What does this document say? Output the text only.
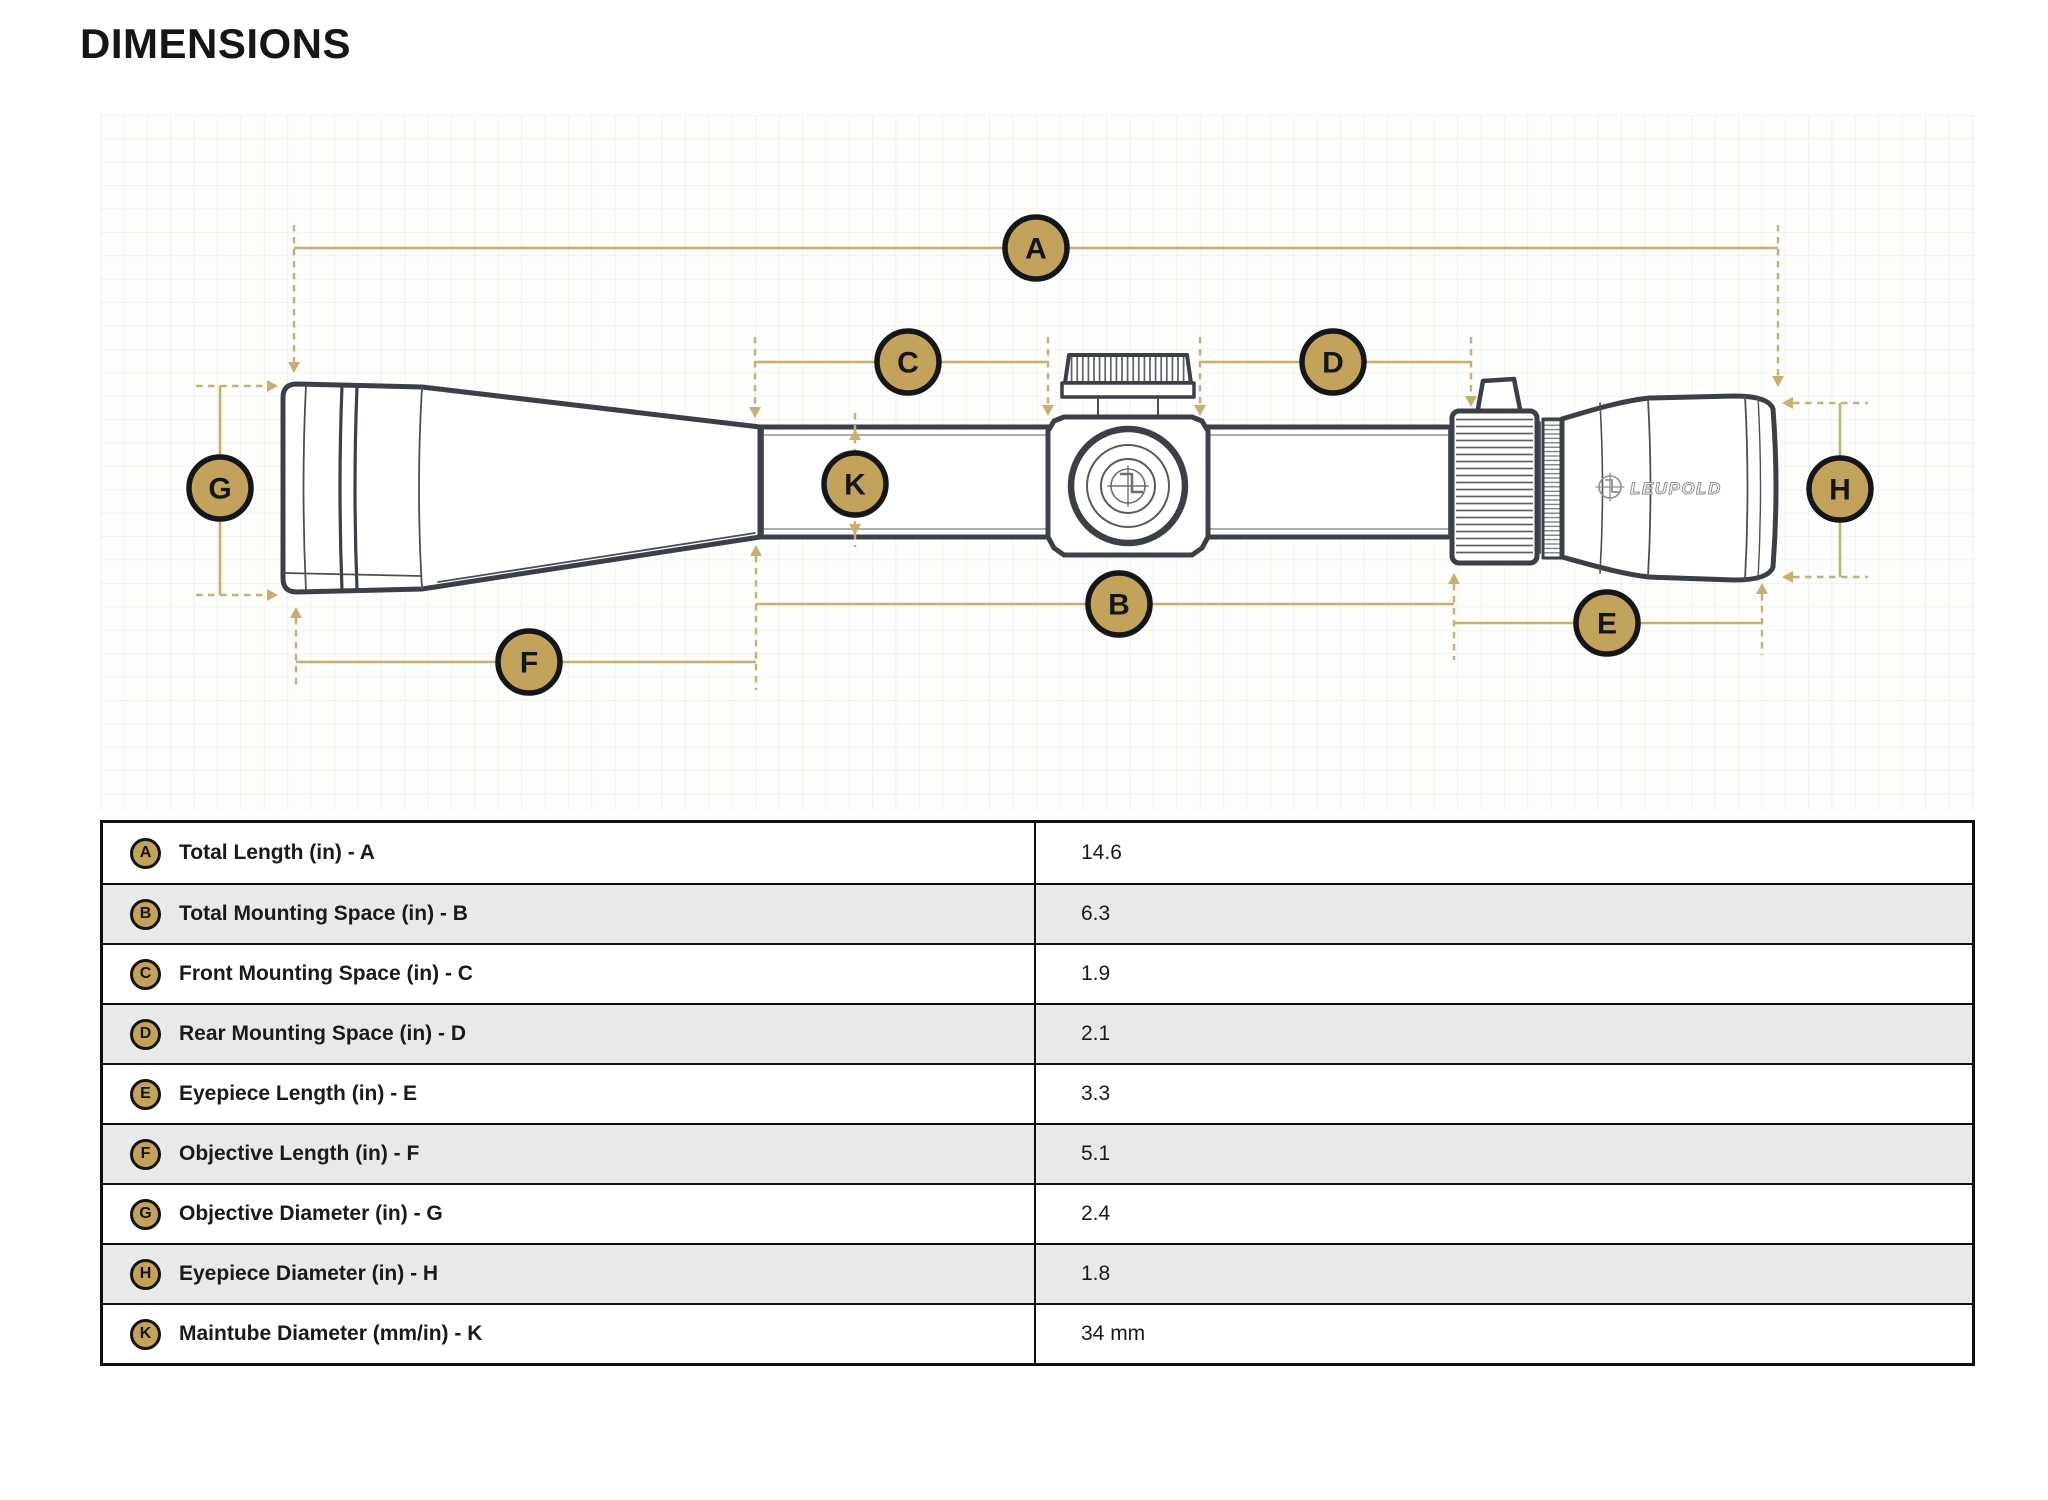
DIMENSIONS
LEUPOLD
A
C	D
G	K	H
B
E
F
A	Total Length (in) - A	14.6
B	Total Mounting Space (in) - B	6.3
C	Front Mounting Space (in) - C	1.9
D	Rear Mounting Space (in) - D	2.1
E	Eyepiece Length (in) - E	3.3
F	Objective Length (in) - F	5.1
G	Objective Diameter (in) - G	2.4
H	Eyepiece Diameter (in) - H	1.8
K	Maintube Diameter (mm/in) - K	34 mm
